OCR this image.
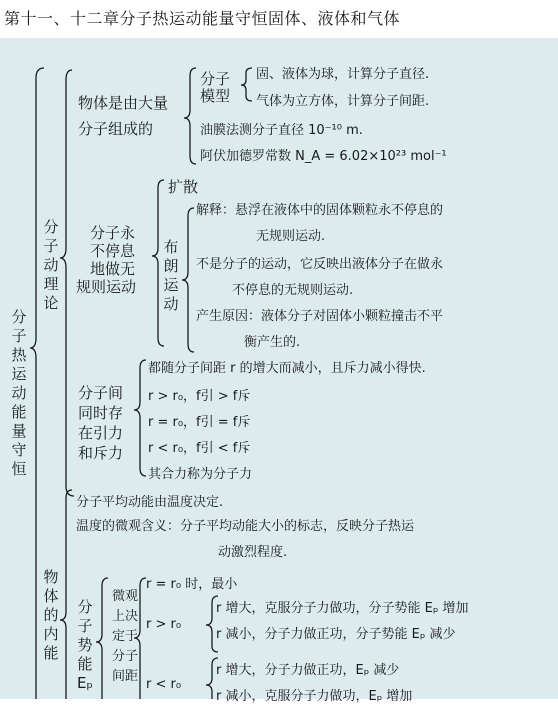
第十一、十二章分子热运动能量守恒固体、液体和气体
分子热运动能量守恒
分子动理论
物体是由大量
分子组成的
分子模型
固、液体为球，计算分子直径.
气体为立方体，计算分子间距.
油膜法测分子直径 10⁻¹⁰ m.
阿伏加德罗常数 N_A = 6.02×10²³ mol⁻¹
分子永
不停息
地做无
规则运动
扩散
布朗运动
解释：悬浮在液体中的固体颗粒永不停息的
无规则运动.
不是分子的运动，它反映出液体分子在做永
不停息的无规则运动.
产生原因：液体分子对固体小颗粒撞击不平
衡产生的.
分子间
同时存
在引力
和斥力
都随分子间距 r 的增大而减小，且斥力减小得快.
r > r₀，f引 > f斥
r = r₀，f引 = f斥
r < r₀，f引 < f斥
其合力称为分子力
物体的内能
分子平均动能由温度决定.
温度的微观含义：分子平均动能大小的标志，反映分子热运
动激烈程度.
分子势能 Eₚ
微观
上决
定于
分子
间距
r = r₀ 时，最小
r > r₀
r 增大，克服分子力做功，分子势能 Eₚ 增加
r 减小，分子力做正功，分子势能 Eₚ 减少
r < r₀
r 增大，分子力做正功，Eₚ 减少
r 减小，克服分子力做功，Eₚ 增加
